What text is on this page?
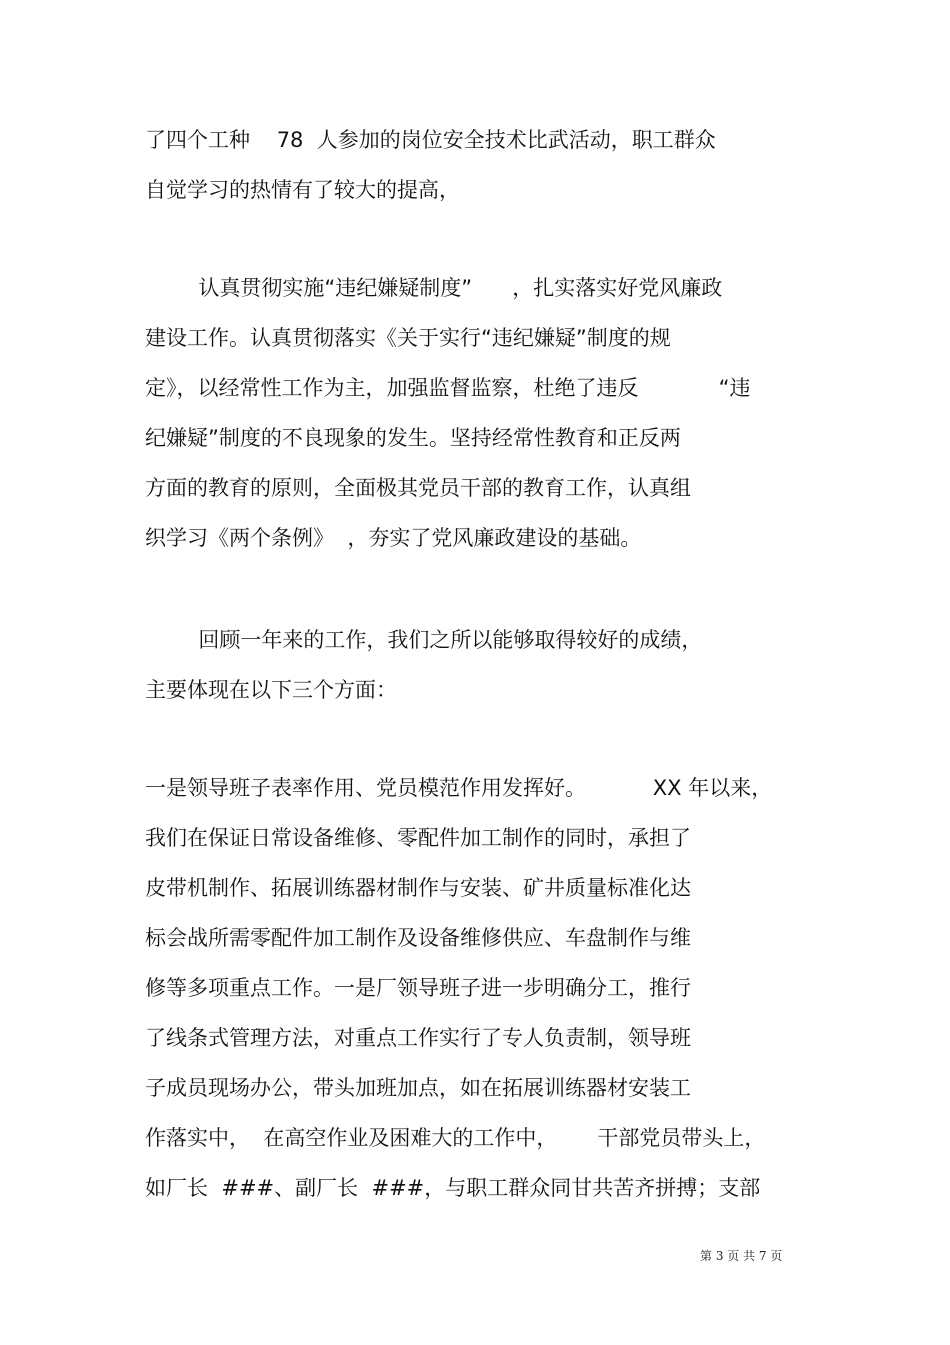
了四个工种    78  人参加的岗位安全技术比武活动，职工群众
自觉学习的热情有了较大的提高，
认真贯彻实施“违纪嫌疑制度”      ，扎实落实好党风廉政
建设工作。认真贯彻落实《关于实行“违纪嫌疑”制度的规
定》，以经常性工作为主，加强监督监察，杜绝了违反            “违
纪嫌疑”制度的不良现象的发生。坚持经常性教育和正反两
方面的教育的原则，全面极其党员干部的教育工作，认真组
织学习《两个条例》  ，夯实了党风廉政建设的基础。
回顾一年来的工作，我们之所以能够取得较好的成绩，
主要体现在以下三个方面：
一是领导班子表率作用、党员模范作用发挥好。          XX 年以来，
我们在保证日常设备维修、零配件加工制作的同时，承担了
皮带机制作、拓展训练器材制作与安装、矿井质量标准化达
标会战所需零配件加工制作及设备维修供应、车盘制作与维
修等多项重点工作。一是厂领导班子进一步明确分工，推行
了线条式管理方法，对重点工作实行了专人负责制，领导班
子成员现场办公，带头加班加点，如在拓展训练器材安装工
作落实中，  在高空作业及困难大的工作中，      干部党员带头上，
如厂长  ###、副厂长  ###，与职工群众同甘共苦齐拼搏；支部
第 3 页 共 7 页
